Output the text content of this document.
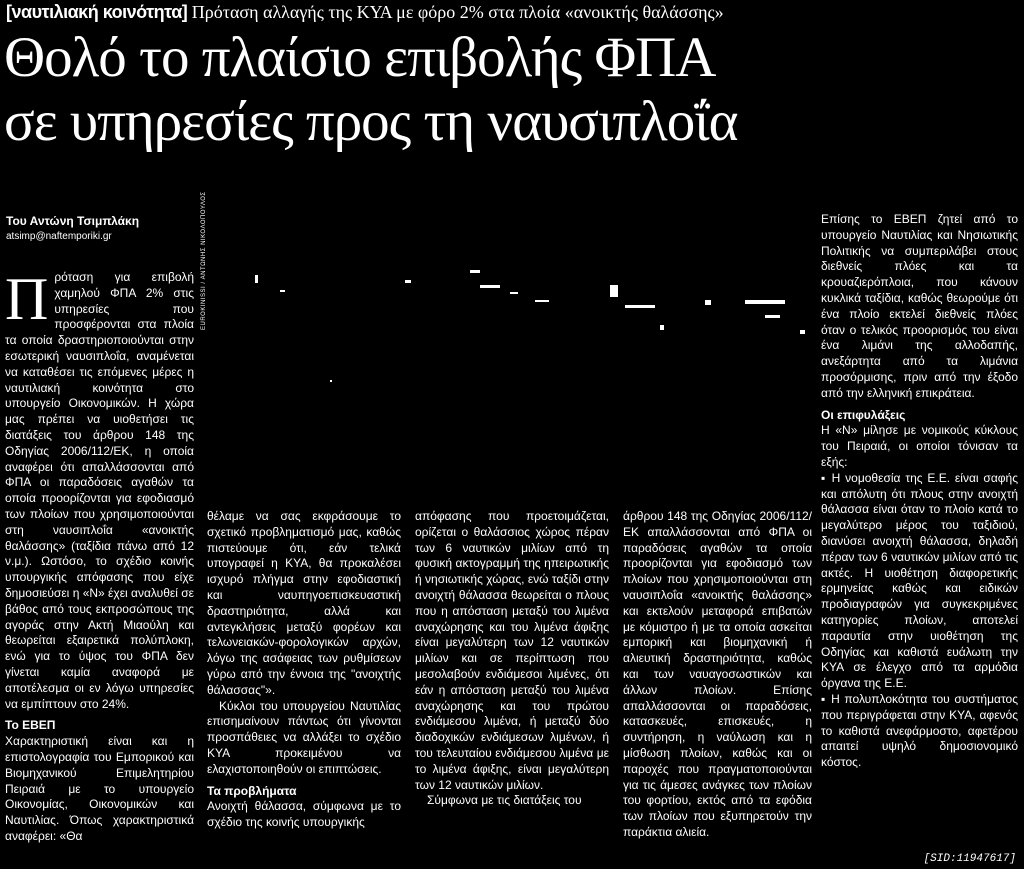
[ναυτιλιακή κοινότητα] Πρόταση αλλαγής της ΚΥΑ με φόρο 2% στα πλοία «ανοικτής θαλάσσης»
Θολό το πλαίσιο επιβολής ΦΠΑ
σε υπηρεσίες προς τη ναυσιπλοΐα
Του Αντώνη Τσιμπλάκη
atsimp@naftemporiki.gr	EUROKINISSI / ΑΝΤΩΝΗΣ ΝΙΚΟΛΟΠΟΥΛΟΣ
Π ρόταση για επιβολή χαμηλού ΦΠΑ 2% στις υπηρεσίες που προσφέρονται στα πλοία τα οποία δραστηριοποιούνται στην εσωτερική ναυσιπλοΐα, αναμένεται να καταθέσει τις επόμενες μέρες η ναυτιλιακή κοινότητα στο υπουργείο Οικονομικών. Η χώρα μας πρέπει να υιοθετήσει τις διατάξεις του άρθρου 148 της Οδηγίας 2006/112/ΕΚ, η οποία αναφέρει ότι απαλλάσσονται από ΦΠΑ οι παραδόσεις αγαθών τα οποία προορίζονται για εφοδιασμό των πλοίων που χρησιμοποιούνται στη ναυσιπλοΐα «ανοικτής θαλάσσης» (ταξίδια πάνω από 12 ν.μ.). Ωστόσο, το σχέδιο κοινής υπουργικής απόφασης που είχε δημοσιεύσει η «Ν» έχει αναλυθεί σε βάθος από τους εκπροσώπους της αγοράς στην Ακτή Μιαούλη και θεωρείται εξαιρετικά πολύπλοκη, ενώ για το ύψος του ΦΠΑ δεν γίνεται καμία αναφορά με αποτέλεσμα οι εν λόγω υπηρεσίες να εμπίπτουν στο 24%.

Το ΕΒΕΠ

Χαρακτηριστική είναι και η επιστολογραφία του Εμπορικού και Βιομηχανικού Επιμελητηρίου Πειραιά με το υπουργείο Οικονομίας, Οικονομικών και Ναυτιλίας. Όπως χαρακτηριστικά αναφέρει: «Θα

θέλαμε να σας εκφράσουμε το σχετικό προβληματισμό μας, καθώς πιστεύουμε ότι, εάν τελικά υπογραφεί η ΚΥΑ, θα προκαλέσει ισχυρό πλήγμα στην εφοδιαστική και ναυπηγοεπισκευαστική δραστηριότητα, αλλά και αντεγκλήσεις μεταξύ φορέων και τελωνειακών-φορολογικών αρχών, λόγω της ασάφειας των ρυθμίσεων γύρω από την έννοια της "ανοιχτής θάλασσας"».

Κύκλοι του υπουργείου Ναυτιλίας επισημαίνουν πάντως ότι γίνονται προσπάθειες να αλλάξει το σχέδιο ΚΥΑ προκειμένου να ελαχιστοποιηθούν οι επιπτώσεις.

Τα προβλήματα

Ανοιχτή θάλασσα, σύμφωνα με το σχέδιο της κοινής υπουργικής

απόφασης που προετοιμάζεται, ορίζεται ο θαλάσσιος χώρος πέραν των 6 ναυτικών μιλίων από τη φυσική ακτογραμμή της ηπειρωτικής ή νησιωτικής χώρας, ενώ ταξίδι στην ανοιχτή θάλασσα θεωρείται ο πλους που η απόσταση μεταξύ του λιμένα αναχώρησης και του λιμένα άφιξης είναι μεγαλύτερη των 12 ναυτικών μιλίων και σε περίπτωση που μεσολαβούν ενδιάμεσοι λιμένες, ότι εάν η απόσταση μεταξύ του λιμένα αναχώρησης και του πρώτου ενδιάμεσου λιμένα, ή μεταξύ δύο διαδοχικών ενδιάμεσων λιμένων, ή του τελευταίου ενδιάμεσου λιμένα με το λιμένα άφιξης, είναι μεγαλύτερη των 12 ναυτικών μιλίων.

Σύμφωνα με τις διατάξεις του

άρθρου 148 της Οδηγίας 2006/112/ΕΚ απαλλάσσονται από ΦΠΑ οι παραδόσεις αγαθών τα οποία προορίζονται για εφοδιασμό των πλοίων που χρησιμοποιούνται στη ναυσιπλοΐα «ανοικτής θαλάσσης» και εκτελούν μεταφορά επιβατών με κόμιστρο ή με τα οποία ασκείται εμπορική και βιομηχανική ή αλιευτική δραστηριότητα, καθώς και των ναυαγοσωστικών και άλλων πλοίων. Επίσης απαλλάσσονται οι παραδόσεις, κατασκευές, επισκευές, η συντήρηση, η ναύλωση και η μίσθωση πλοίων, καθώς και οι παροχές που πραγματοποιούνται για τις άμεσες ανάγκες των πλοίων του φορτίου, εκτός από τα εφόδια των πλοίων που εξυπηρετούν την παράκτια αλιεία.

Επίσης το ΕΒΕΠ ζητεί από το υπουργείο Ναυτιλίας και Νησιωτικής Πολιτικής να συμπεριλάβει στους διεθνείς πλόες και τα κρουαζιερόπλοια, που κάνουν κυκλικά ταξίδια, καθώς θεωρούμε ότι ένα πλοίο εκτελεί διεθνείς πλόες όταν ο τελικός προορισμός του είναι ένα λιμάνι της αλλοδαπής, ανεξάρτητα από τα λιμάνια προσόρμισης, πριν από την έξοδο από την ελληνική επικράτεια.

Οι επιφυλάξεις

Η «Ν» μίλησε με νομικούς κύκλους του Πειραιά, οι οποίοι τόνισαν τα εξής:

▪ Η νομοθεσία της Ε.Ε. είναι σαφής και απόλυτη ότι πλους στην ανοιχτή θάλασσα είναι όταν το πλοίο κατά το μεγαλύτερο μέρος του ταξιδιού, διανύσει ανοιχτή θάλασσα, δηλαδή πέραν των 6 ναυτικών μιλίων από τις ακτές. Η υιοθέτηση διαφορετικής ερμηνείας καθώς και ειδικών προδιαγραφών για συγκεκριμένες κατηγορίες πλοίων, αποτελεί παραυτία στην υιοθέτηση της Οδηγίας και καθιστά ευάλωτη την ΚΥΑ σε έλεγχο από τα αρμόδια όργανα της Ε.Ε.

▪ Η πολυπλοκότητα του συστήματος που περιγράφεται στην ΚΥΑ, αφενός το καθιστά ανεφάρμοστο, αφετέρου απαιτεί υψηλό δημοσιονομικό κόστος.

[SID:11947617]
